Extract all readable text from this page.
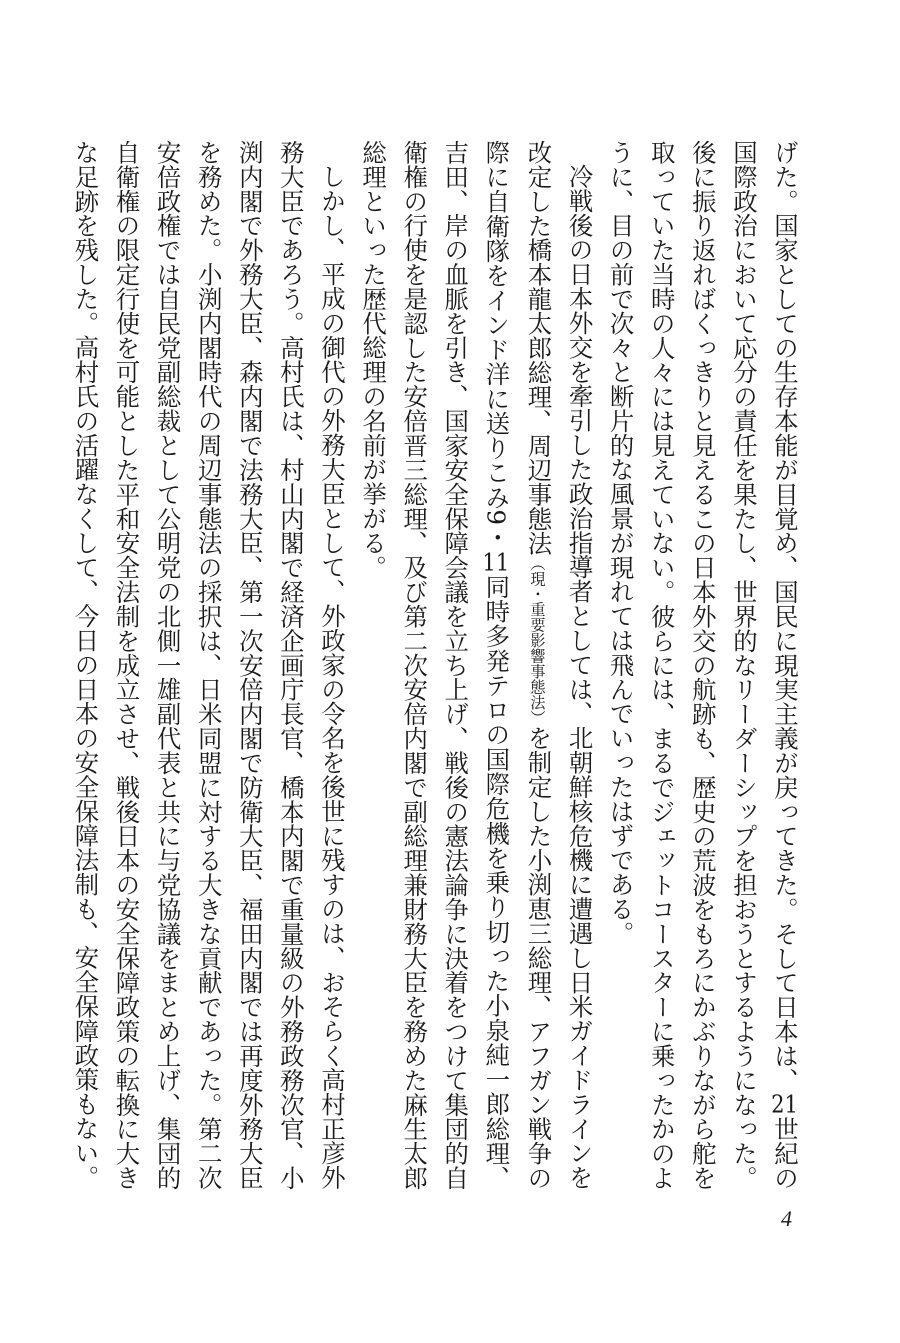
げた。国家としての生存本能が目覚め、国民に現実主義が戻ってきた。そして日本は、21世紀の国際政治において応分の責任を果たし、世界的なリーダーシップを担おうとするようになった。後に振り返ればくっきりと見えるこの日本外交の航跡も、歴史の荒波をもろにかぶりながら舵を取っていた当時の人々には見えていない。彼らには、まるでジェットコースターに乗ったかのように、目の前で次々と断片的な風景が現れては飛んでいったはずである。

冷戦後の日本外交を牽引した政治指導者としては、北朝鮮核危機に遭遇し日米ガイドラインを改定した橋本龍太郎総理、周辺事態法（現・重要影響事態法）を制定した小渕恵三総理、アフガン戦争の際に自衛隊をインド洋に送りこみ9・11同時多発テロの国際危機を乗り切った小泉純一郎総理、吉田、岸の血脈を引き、国家安全保障会議を立ち上げ、戦後の憲法論争に決着をつけて集団的自衛権の行使を是認した安倍晋三総理、及び第二次安倍内閣で副総理兼財務大臣を務めた麻生太郎総理といった歴代総理の名前が挙がる。

しかし、平成の御代の外務大臣として、外政家の令名を後世に残すのは、おそらく高村正彦外務大臣であろう。高村氏は、村山内閣で経済企画庁長官、橋本内閣で重量級の外務政務次官、小渕内閣で外務大臣、森内閣で法務大臣、第一次安倍内閣で防衛大臣、福田内閣では再度外務大臣を務めた。小渕内閣時代の周辺事態法の採択は、日米同盟に対する大きな貢献であった。第二次安倍政権では自民党副総裁として公明党の北側一雄副代表と共に与党協議をまとめ上げ、集団的自衛権の限定行使を可能とした平和安全法制を成立させ、戦後日本の安全保障政策の転換に大きな足跡を残した。高村氏の活躍なくして、今日の日本の安全保障法制も、安全保障政策もない。

4
